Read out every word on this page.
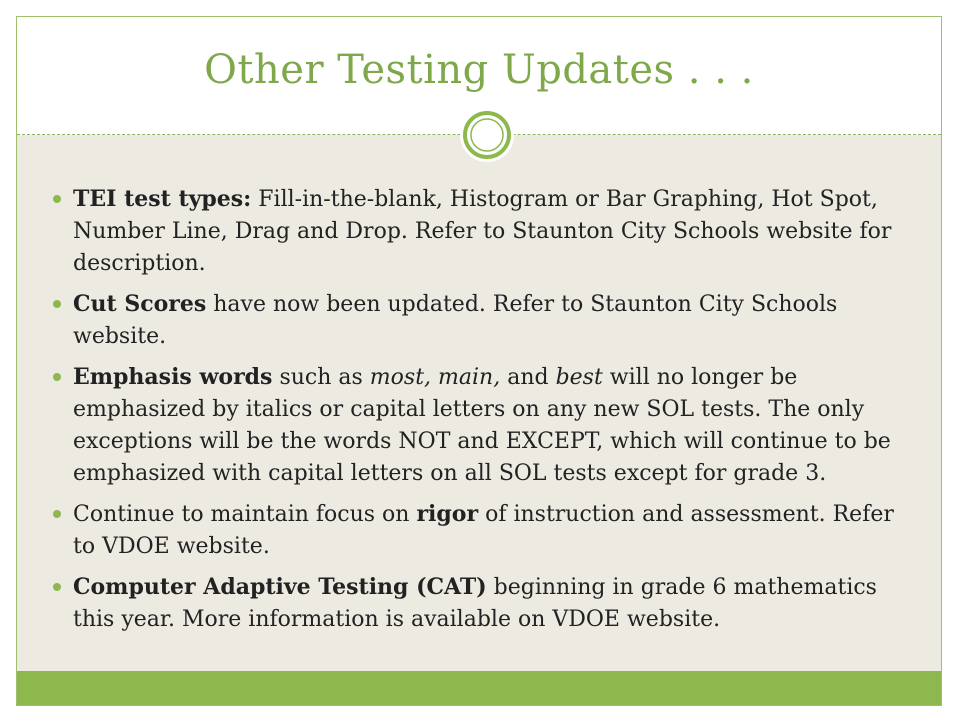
Other Testing Updates . . .
TEI test types: Fill-in-the-blank, Histogram or Bar Graphing, Hot Spot, Number Line, Drag and Drop. Refer to Staunton City Schools website for description.
Cut Scores have now been updated. Refer to Staunton City Schools website.
Emphasis words such as most, main, and best will no longer be emphasized by italics or capital letters on any new SOL tests. The only exceptions will be the words NOT and EXCEPT, which will continue to be emphasized with capital letters on all SOL tests except for grade 3.
Continue to maintain focus on rigor of instruction and assessment. Refer to VDOE website.
Computer Adaptive Testing (CAT) beginning in grade 6 mathematics this year. More information is available on VDOE website.
